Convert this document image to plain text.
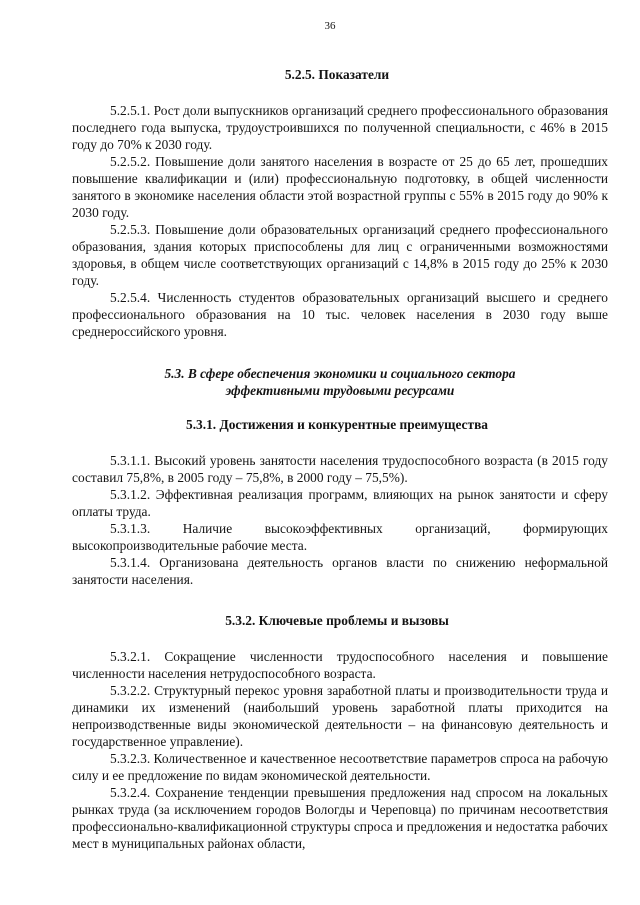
36
5.2.5. Показатели

5.2.5.1. Рост доли выпускников организаций среднего профессионального образования последнего года выпуска, трудоустроившихся по полученной специальности, с 46% в 2015 году до 70% к 2030 году.

5.2.5.2. Повышение доли занятого населения в возрасте от 25 до 65 лет, прошедших повышение квалификации и (или) профессиональную подготовку, в общей численности занятого в экономике населения области этой возрастной группы с 55% в 2015 году до 90% к 2030 году.

5.2.5.3. Повышение доли образовательных организаций среднего профессионального образования, здания которых приспособлены для лиц с ограниченными возможностями здоровья, в общем числе соответствующих организаций с 14,8% в 2015 году до 25% к 2030 году.

5.2.5.4. Численность студентов образовательных организаций высшего и среднего профессионального образования на 10 тыс. человек населения в 2030 году выше среднероссийского уровня.

5.3. В сфере обеспечения экономики и социального сектора
эффективными трудовыми ресурсами
5.3.1. Достижения и конкурентные преимущества

5.3.1.1. Высокий уровень занятости населения трудоспособного возраста (в 2015 году составил 75,8%, в 2005 году – 75,8%, в 2000 году – 75,5%).

5.3.1.2. Эффективная реализация программ, влияющих на рынок занятости и сферу оплаты труда.

5.3.1.3. Наличие высокоэффективных организаций, формирующих высокопроизводительные рабочие места.

5.3.1.4. Организована деятельность органов власти по снижению неформальной занятости населения.

5.3.2. Ключевые проблемы и вызовы

5.3.2.1. Сокращение численности трудоспособного населения и повышение численности населения нетрудоспособного возраста.

5.3.2.2. Структурный перекос уровня заработной платы и производительности труда и динамики их изменений (наибольший уровень заработной платы приходится на непроизводственные виды экономической деятельности – на финансовую деятельность и государственное управление).

5.3.2.3. Количественное и качественное несоответствие параметров спроса на рабочую силу и ее предложение по видам экономической деятельности.

5.3.2.4. Сохранение тенденции превышения предложения над спросом на локальных рынках труда (за исключением городов Вологды и Череповца) по причинам несоответствия профессионально-квалификационной структуры спроса и предложения и недостатка рабочих мест в муниципальных районах области,
